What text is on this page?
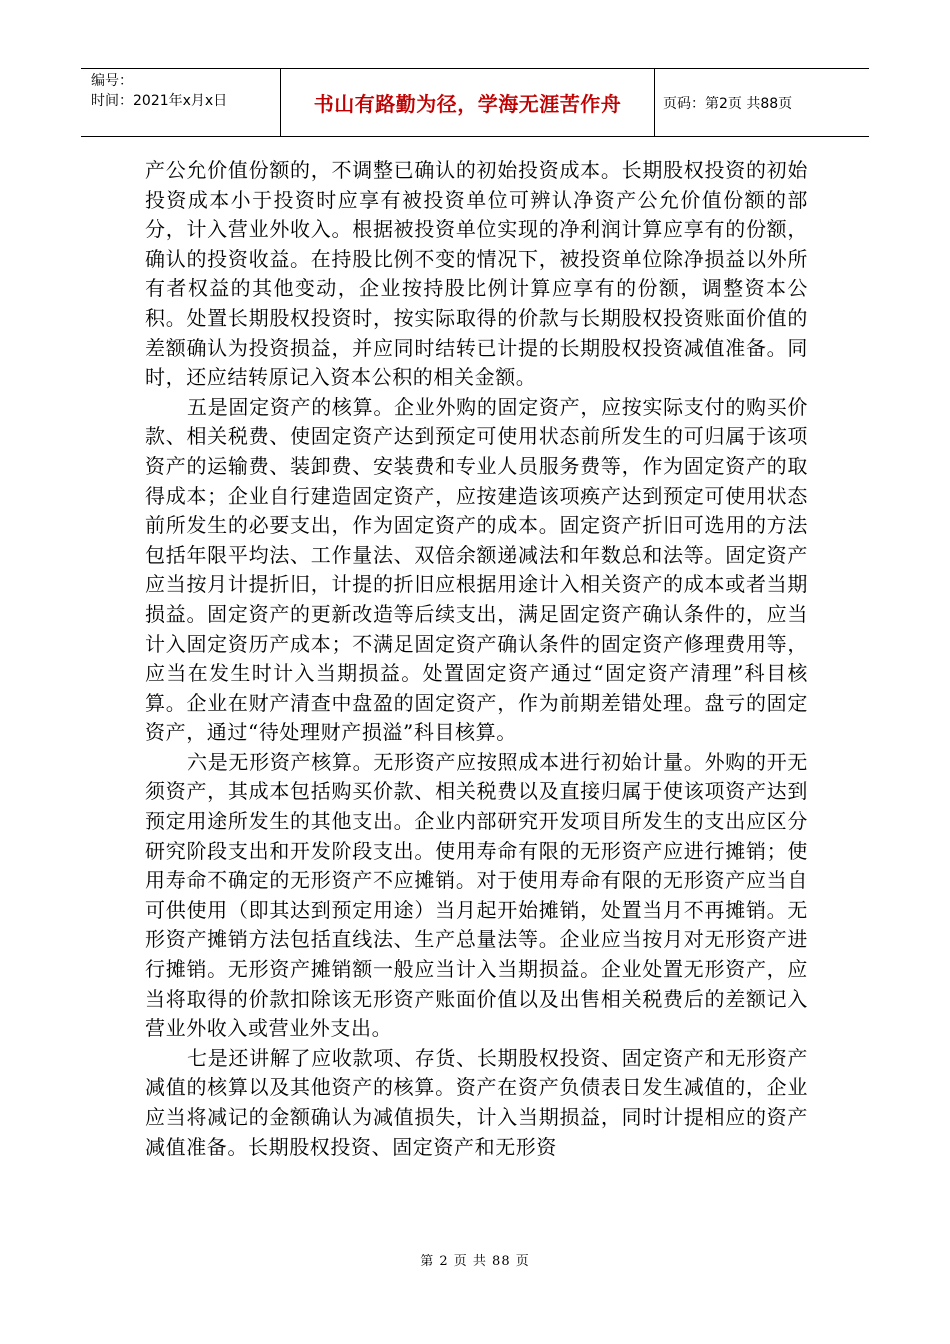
编号：
时间：2021年x月x日	书山有路勤为径，学海无涯苦作舟	页码：第2页 共88页

产公允价值份额的，不调整已确认的初始投资成本。长期股权投资的初始投资成本小于投资时应享有被投资单位可辨认净资产公允价值份额的部分，计入营业外收入。根据被投资单位实现的净利润计算应享有的份额，确认的投资收益。在持股比例不变的情况下，被投资单位除净损益以外所有者权益的其他变动，企业按持股比例计算应享有的份额，调整资本公积。处置长期股权投资时，按实际取得的价款与长期股权投资账面价值的差额确认为投资损益，并应同时结转已计提的长期股权投资减值准备。同时，还应结转原记入资本公积的相关金额。

五是固定资产的核算。企业外购的固定资产，应按实际支付的购买价款、相关税费、使固定资产达到预定可使用状态前所发生的可归属于该项资产的运输费、装卸费、安装费和专业人员服务费等，作为固定资产的取得成本；企业自行建造固定资产，应按建造该项痪产达到预定可使用状态前所发生的必要支出，作为固定资产的成本。固定资产折旧可选用的方法包括年限平均法、工作量法、双倍余额递减法和年数总和法等。固定资产应当按月计提折旧，计提的折旧应根据用途计入相关资产的成本或者当期损益。固定资产的更新改造等后续支出，满足固定资产确认条件的，应当计入固定资历产成本；不满足固定资产确认条件的固定资产修理费用等，应当在发生时计入当期损益。处置固定资产通过“固定资产清理”科目核算。企业在财产清查中盘盈的固定资产，作为前期差错处理。盘亏的固定资产，通过“待处理财产损溢”科目核算。

六是无形资产核算。无形资产应按照成本进行初始计量。外购的开无须资产，其成本包括购买价款、相关税费以及直接归属于使该项资产达到预定用途所发生的其他支出。企业内部研究开发项目所发生的支出应区分研究阶段支出和开发阶段支出。使用寿命有限的无形资产应进行摊销；使用寿命不确定的无形资产不应摊销。对于使用寿命有限的无形资产应当自可供使用（即其达到预定用途）当月起开始摊销，处置当月不再摊销。无形资产摊销方法包括直线法、生产总量法等。企业应当按月对无形资产进行摊销。无形资产摊销额一般应当计入当期损益。企业处置无形资产，应当将取得的价款扣除该无形资产账面价值以及出售相关税费后的差额记入营业外收入或营业外支出。

七是还讲解了应收款项、存货、长期股权投资、固定资产和无形资产减值的核算以及其他资产的核算。资产在资产负债表日发生减值的，企业应当将减记的金额确认为减值损失，计入当期损益，同时计提相应的资产减值准备。长期股权投资、固定资产和无形资

第 2 页 共 88 页
